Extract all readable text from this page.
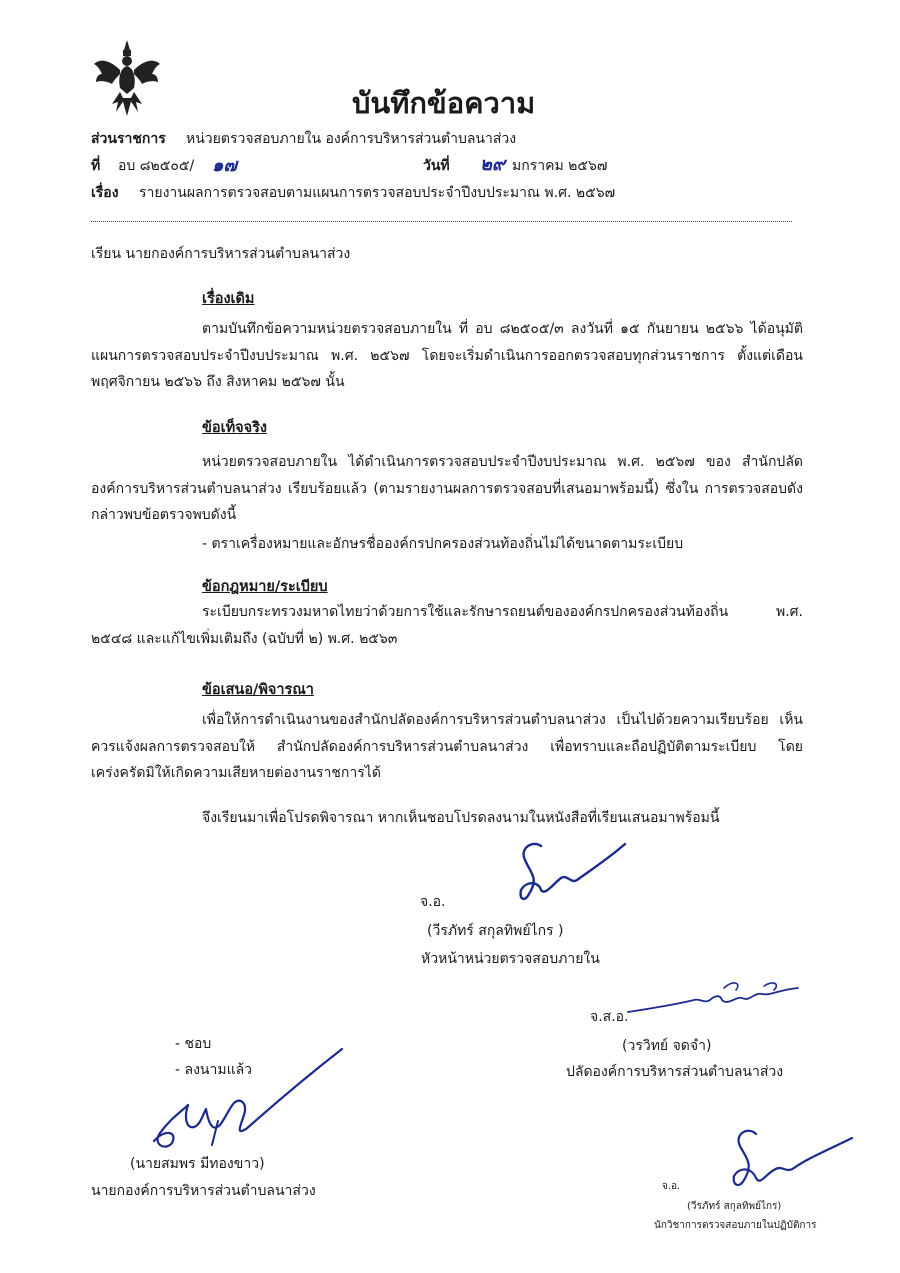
บันทึกข้อความ
ส่วนราชการ หน่วยตรวจสอบภายใน องค์การบริหารส่วนตำบลนาส่วง
ที่ อบ ๘๒๕๐๕/ ๑๗	วันที่ ๒๙ มกราคม ๒๕๖๗
เรื่อง รายงานผลการตรวจสอบตามแผนการตรวจสอบประจำปีงบประมาณ พ.ศ. ๒๕๖๗
เรียน นายกองค์การบริหารส่วนตำบลนาส่วง
เรื่องเดิม
ตามบันทึกข้อความหน่วยตรวจสอบภายใน ที่ อบ ๘๒๕๐๕/๓ ลงวันที่ ๑๕ กันยายน ๒๕๖๖ ได้อนุมัติแผนการตรวจสอบประจำปีงบประมาณ พ.ศ. ๒๕๖๗ โดยจะเริ่มดำเนินการออกตรวจสอบทุกส่วนราชการ ตั้งแต่เดือน พฤศจิกายน ๒๕๖๖ ถึง สิงหาคม ๒๕๖๗ นั้น
ข้อเท็จจริง
หน่วยตรวจสอบภายใน ได้ดำเนินการตรวจสอบประจำปีงบประมาณ พ.ศ. ๒๕๖๗ ของ สำนักปลัดองค์การบริหารส่วนตำบลนาส่วง เรียบร้อยแล้ว (ตามรายงานผลการตรวจสอบที่เสนอมาพร้อมนี้) ซึ่งใน การตรวจสอบดังกล่าวพบข้อตรวจพบดังนี้
- ตราเครื่องหมายและอักษรชื่อองค์กรปกครองส่วนท้องถิ่นไม่ได้ขนาดตามระเบียบ
ข้อกฎหมาย/ระเบียบ
ระเบียบกระทรวงมหาดไทยว่าด้วยการใช้และรักษารถยนต์ขององค์กรปกครองส่วนท้องถิ่น พ.ศ. ๒๕๔๘ และแก้ไขเพิ่มเติมถึง (ฉบับที่ ๒) พ.ศ. ๒๕๖๓
ข้อเสนอ/พิจารณา
เพื่อให้การดำเนินงานของสำนักปลัดองค์การบริหารส่วนตำบลนาส่วง เป็นไปด้วยความเรียบร้อย เห็นควรแจ้งผลการตรวจสอบให้ สำนักปลัดองค์การบริหารส่วนตำบลนาส่วง เพื่อทราบและถือปฏิบัติตามระเบียบ โดยเคร่งครัดมิให้เกิดความเสียหายต่องานราชการได้
จึงเรียนมาเพื่อโปรดพิจารณา หากเห็นชอบโปรดลงนามในหนังสือที่เรียนเสนอมาพร้อมนี้
จ.อ.
(วีรภัทร์ สกุลทิพย์ไกร )
หัวหน้าหน่วยตรวจสอบภายใน
จ.ส.อ.
(วรวิทย์ จดจำ)
ปลัดองค์การบริหารส่วนตำบลนาส่วง
- ชอบ
- ลงนามแล้ว
(นายสมพร มีทองขาว)
นายกองค์การบริหารส่วนตำบลนาส่วง	จ.อ.
(วีรภัทร์ สกุลทิพย์ไกร)
นักวิชาการตรวจสอบภายในปฏิบัติการ
